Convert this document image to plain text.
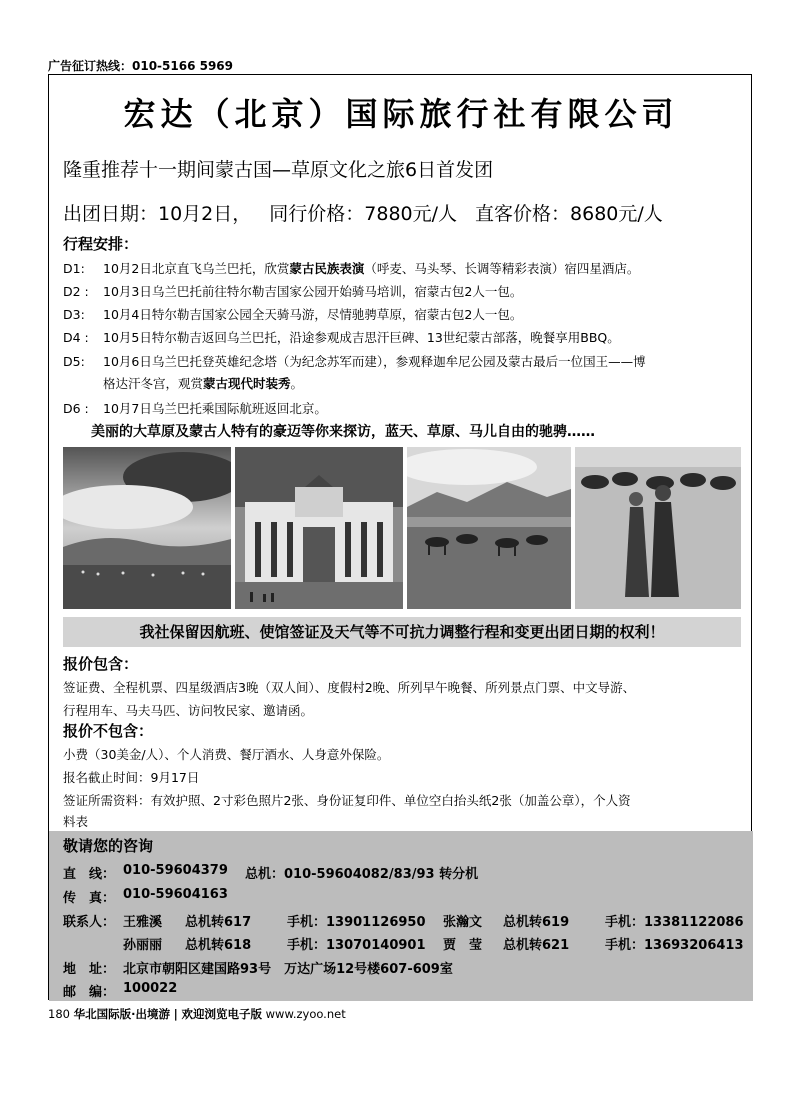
广告征订热线：010-5166 5969
宏达（北京）国际旅行社有限公司
隆重推荐十一期间蒙古国—草原文化之旅6日首发团
出团日期：10月2日， 同行价格：7880元/人 直客价格：8680元/人
行程安排：
D1: 10月2日北京直飞乌兰巴托，欣赏蒙古民族表演（呼麦、马头琴、长调等精彩表演）宿四星酒店。
D2 : 10月3日乌兰巴托前往特尔勒吉国家公园开始骑马培训，宿蒙古包2人一包。
D3: 10月4日特尔勒吉国家公园全天骑马游，尽情驰骋草原，宿蒙古包2人一包。
D4 : 10月5日特尔勒吉返回乌兰巴托，沿途参观成吉思汗巨碑、13世纪蒙古部落，晚餐享用BBQ。
D5: 10月6日乌兰巴托登英雄纪念塔（为纪念苏军而建），参观释迦牟尼公园及蒙古最后一位国王——博
格达汗冬宫，观赏蒙古现代时装秀。
D6 : 10月7日乌兰巴托乘国际航班返回北京。
美丽的大草原及蒙古人特有的豪迈等你来探访，蓝天、草原、马儿自由的驰骋……
我社保留因航班、使馆签证及天气等不可抗力调整行程和变更出团日期的权利！
报价包含：
签证费、全程机票、四星级酒店3晚（双人间）、度假村2晚、所列早午晚餐、所列景点门票、中文导游、
行程用车、马夫马匹、访问牧民家、邀请函。
报价不包含：
小费（30美金/人）、个人消费、餐厅酒水、人身意外保险。
报名截止时间：9月17日
签证所需资料：有效护照、2寸彩色照片2张、身份证复印件、单位空白抬头纸2张（加盖公章），个人资
料表
敬请您的咨询
直　线： 010-59604379 总机：010-59604082/83/93 转分机
传　真： 010-59604163
联系人： 王雅溪 总机转617	手机：13901126950 张瀚文 总机转619	手机：13381122086
孙丽丽 总机转618	手机：13070140901 贾　莹 总机转621	手机：13693206413
地　址： 北京市朝阳区建国路93号　万达广场12号楼607-609室
邮　编： 100022
180 华北国际版·出境游 | 欢迎浏览电子版 www.zyoo.net
